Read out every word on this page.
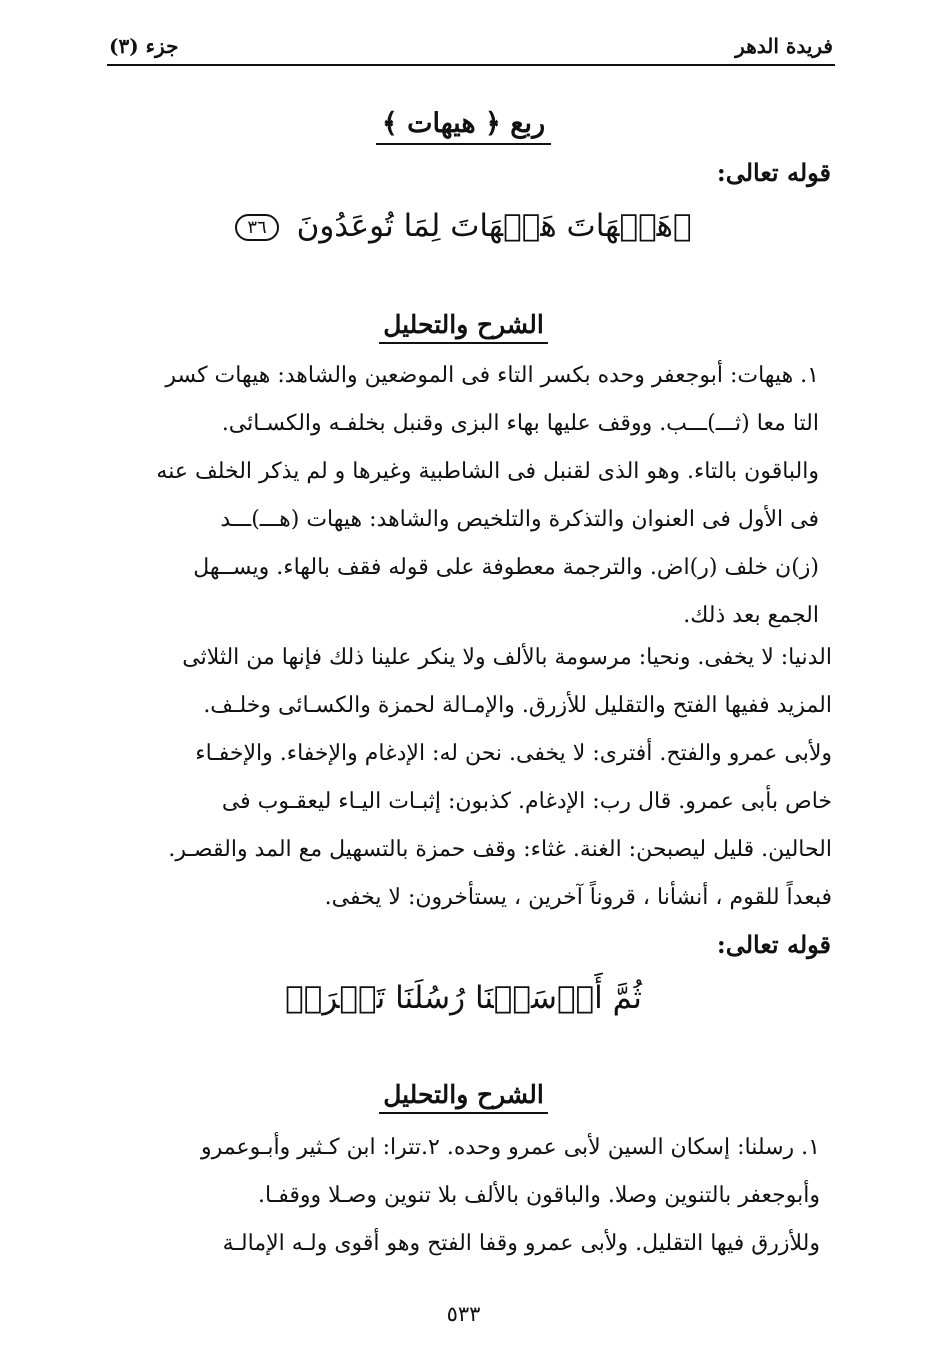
فريدة الدهر
جزء (٣)
ربع ﴿ هيهات ﴾
قوله تعالى:
﴿هَيۡهَاتَ هَيۡهَاتَ لِمَا تُوعَدُونَ ٣٦
الشرح والتحليل
١. هيهات: أبوجعفر وحده بكسر التاء فى الموضعين والشاهد: هيهات كسر
التا معا (ثـــ)ـــب. ووقف عليها بهاء البزى وقنبل بخلفـه والكسـائى.
والباقون بالتاء. وهو الذى لقنبل فى الشاطبية وغيرها و لم يذكر الخلف عنه
فى الأول فى العنوان والتذكرة والتلخيص والشاهد: هيهات (هـــ)ـــد
(ز)ن خلف (ر)اض. والترجمة معطوفة على قوله فقف بالهاء. ويســهل
الجمع بعد ذلك.
الدنيا: لا يخفى. ونحيا: مرسومة بالألف ولا ينكر علينا ذلك فإنها من الثلاثى
المزيد ففيها الفتح والتقليل للأزرق. والإمـالة لحمزة والكسـائى وخلـف.
ولأبى عمرو والفتح. أفترى: لا يخفى. نحن له: الإدغام والإخفاء. والإخفـاء
خاص بأبى عمرو. قال رب: الإدغام. كذبون: إثبـات اليـاء ليعقـوب فى
الحالين. قليل ليصبحن: الغنة. غثاء: وقف حمزة بالتسهيل مع المد والقصـر.
فبعداً للقوم ، أنشأنا ، قروناً آخرين ، يستأخرون: لا يخفى.
قوله تعالى:
ثُمَّ أَرۡسَلۡنَا رُسُلَنَا تَتۡرَاۖ
الشرح والتحليل
١. رسلنا: إسكان السين لأبى عمرو وحده. ٢.تترا: ابن كـثير وأبـوعمرو
وأبوجعفر بالتنوين وصلا. والباقون بالألف بلا تنوين وصـلا ووقفـا.
وللأزرق فيها التقليل. ولأبى عمرو وقفا الفتح وهو أقوى ولـه الإمالـة
٥٣٣
